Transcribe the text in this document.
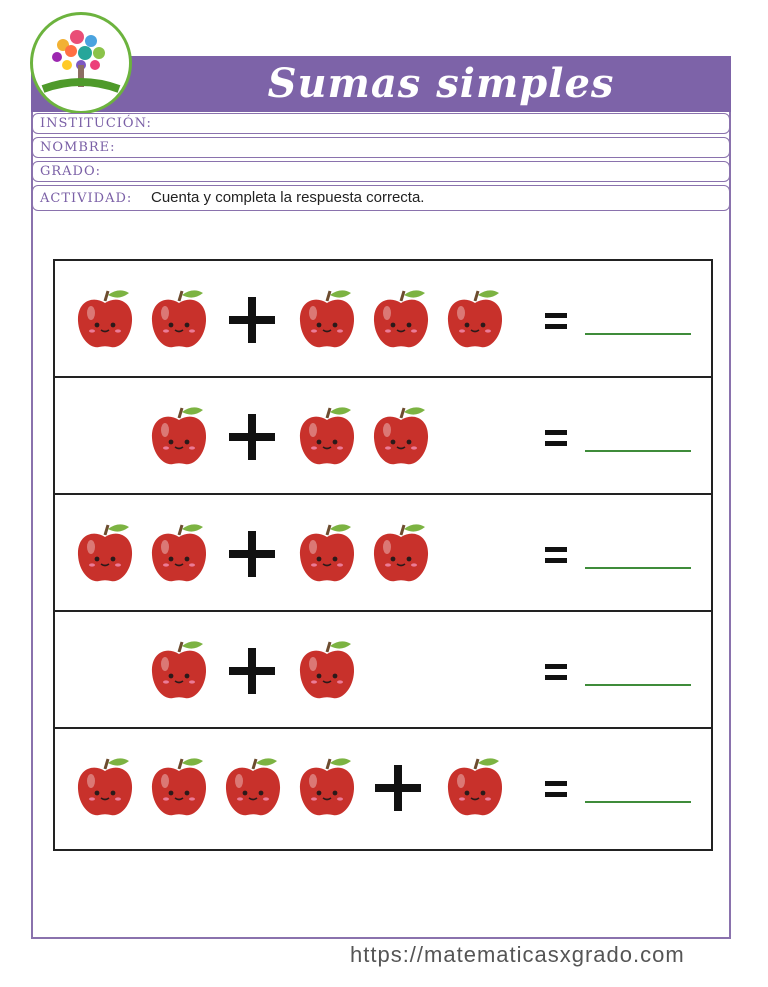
Sumas simples
INSTITUCIÓN:
NOMBRE:
GRADO:
ACTIVIDAD: Cuenta y completa la respuesta correcta.
https://matematicasxgrado.com
